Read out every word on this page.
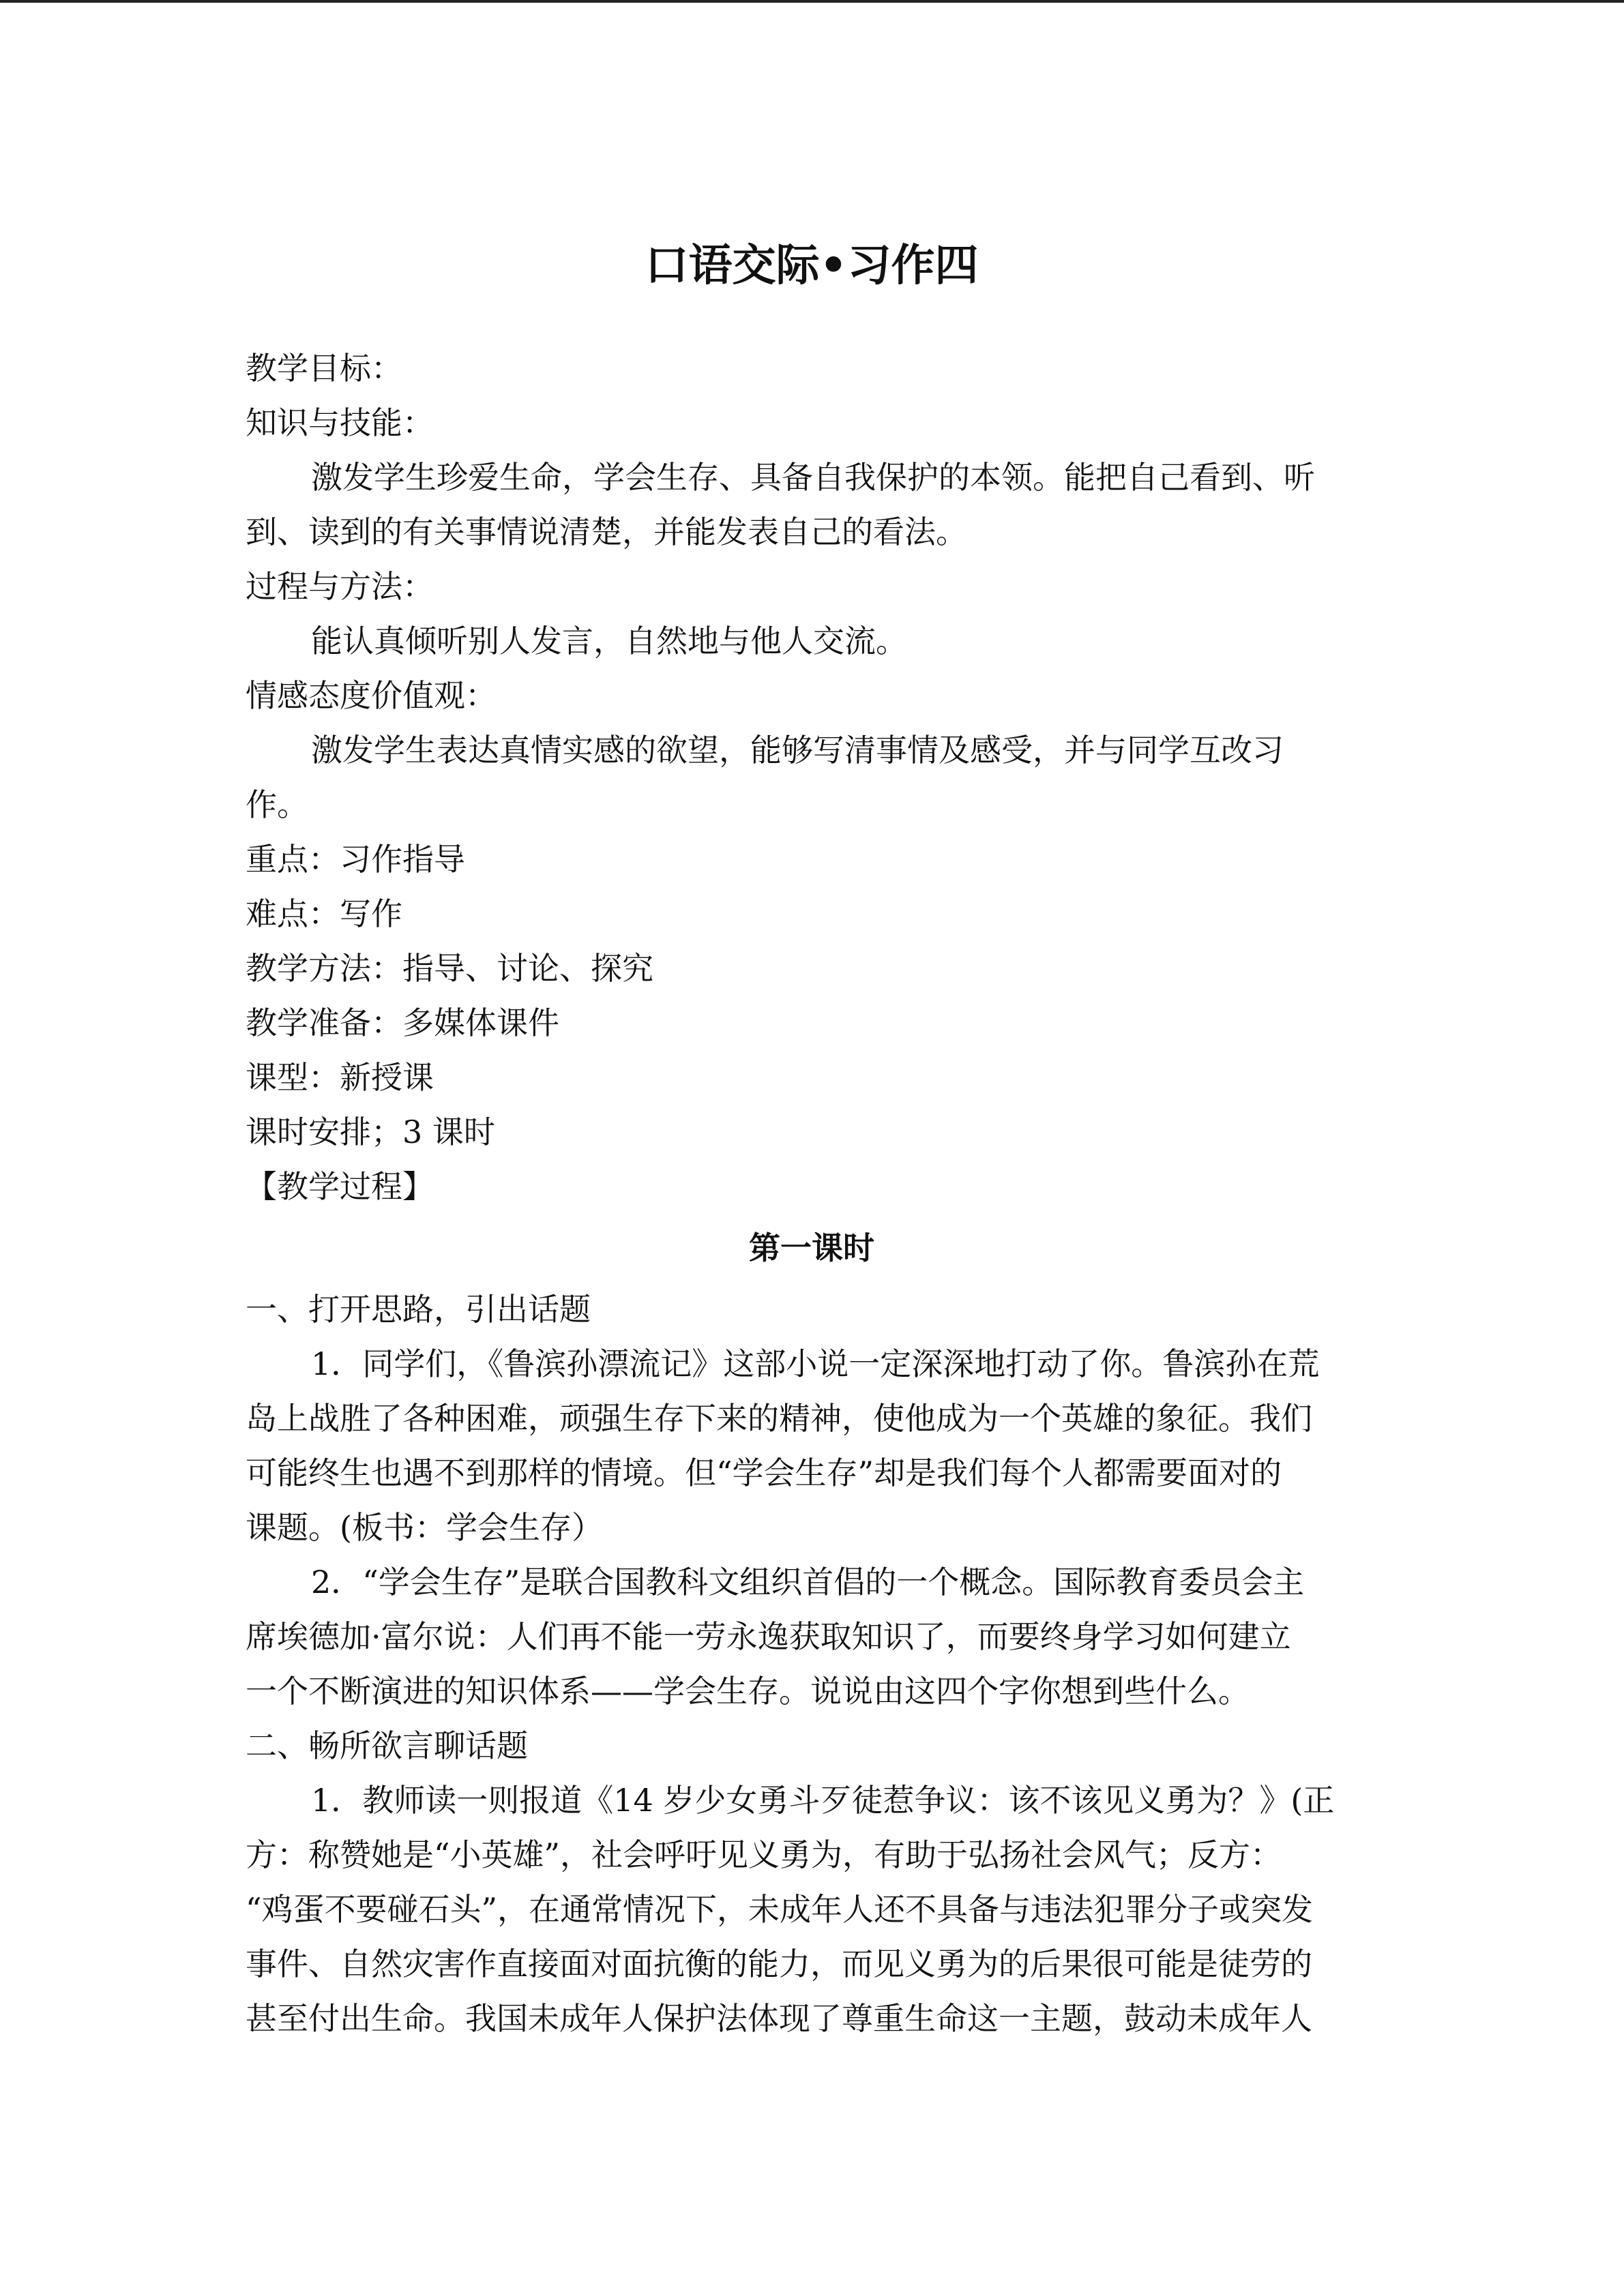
口语交际•习作四
教学目标：
知识与技能：
激发学生珍爱生命，学会生存、具备自我保护的本领。能把自己看到、听
到、读到的有关事情说清楚，并能发表自己的看法。
过程与方法：
能认真倾听别人发言，自然地与他人交流。
情感态度价值观：
激发学生表达真情实感的欲望，能够写清事情及感受，并与同学互改习
作。
重点：习作指导
难点：写作
教学方法：指导、讨论、探究
教学准备：多媒体课件
课型：新授课
课时安排；3 课时
【教学过程】
第一课时
一、打开思路，引出话题
1．同学们，《鲁滨孙漂流记》这部小说一定深深地打动了你。鲁滨孙在荒
岛上战胜了各种困难，顽强生存下来的精神，使他成为一个英雄的象征。我们
可能终生也遇不到那样的情境。但“学会生存”却是我们每个人都需要面对的
课题。(板书：学会生存）
2．“学会生存”是联合国教科文组织首倡的一个概念。国际教育委员会主
席埃德加·富尔说：人们再不能一劳永逸获取知识了，而要终身学习如何建立
一个不断演进的知识体系——学会生存。说说由这四个字你想到些什么。
二、畅所欲言聊话题
1．教师读一则报道《14 岁少女勇斗歹徒惹争议：该不该见义勇为？》(正
方：称赞她是“小英雄”，社会呼吁见义勇为，有助于弘扬社会风气；反方：
“鸡蛋不要碰石头”，在通常情况下，未成年人还不具备与违法犯罪分子或突发
事件、自然灾害作直接面对面抗衡的能力，而见义勇为的后果很可能是徒劳的
甚至付出生命。我国未成年人保护法体现了尊重生命这一主题，鼓动未成年人
